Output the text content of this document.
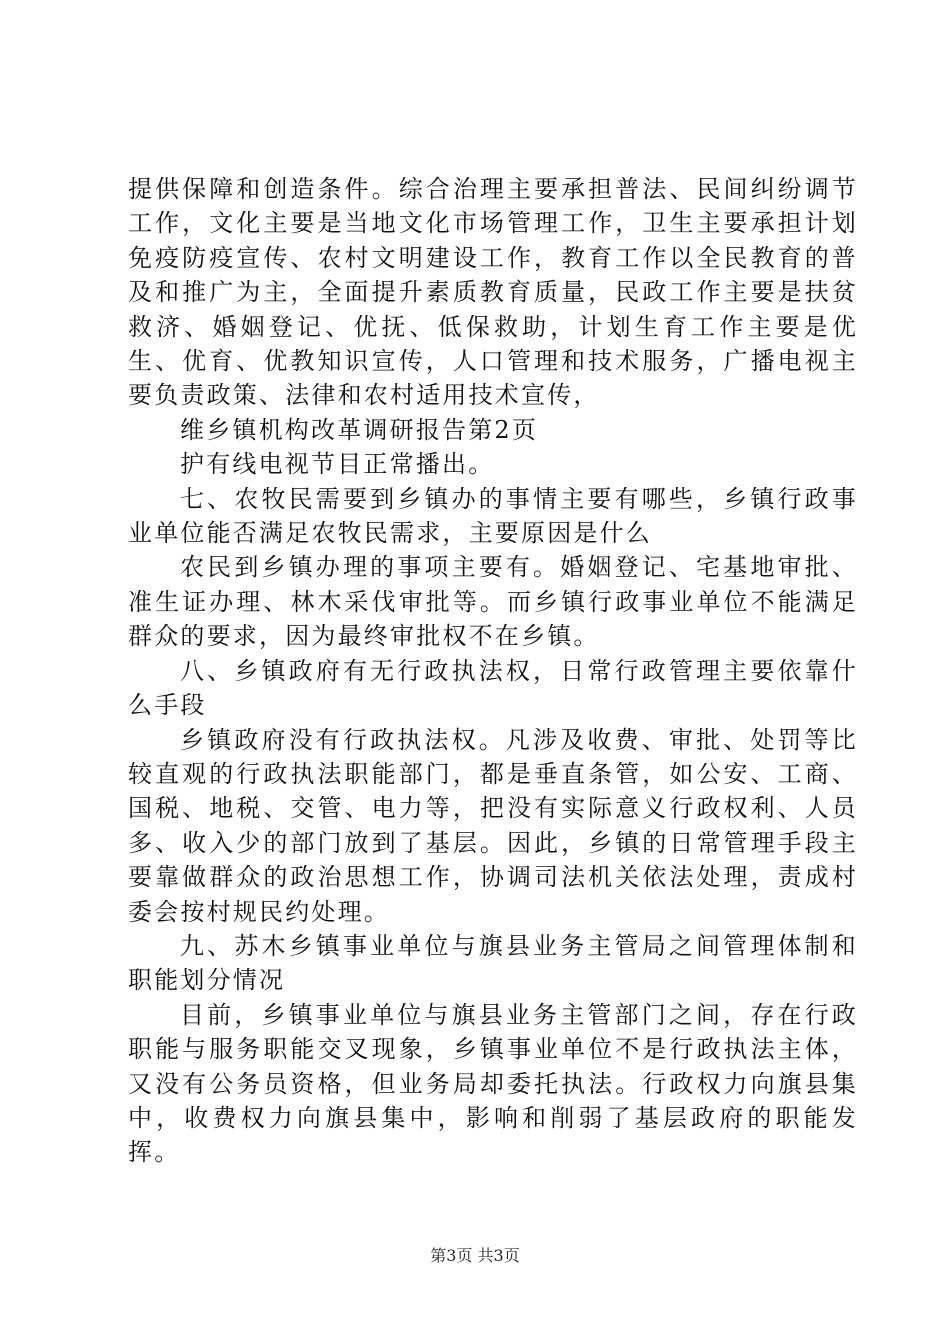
提供保障和创造条件。综合治理主要承担普法、民间纠纷调节工作，文化主要是当地文化市场管理工作，卫生主要承担计划免疫防疫宣传、农村文明建设工作，教育工作以全民教育的普及和推广为主，全面提升素质教育质量，民政工作主要是扶贫救济、婚姻登记、优抚、低保救助，计划生育工作主要是优生、优育、优教知识宣传，人口管理和技术服务，广播电视主要负责政策、法律和农村适用技术宣传，

维乡镇机构改革调研报告第2页

护有线电视节目正常播出。

七、农牧民需要到乡镇办的事情主要有哪些，乡镇行政事业单位能否满足农牧民需求，主要原因是什么

农民到乡镇办理的事项主要有。婚姻登记、宅基地审批、准生证办理、林木采伐审批等。而乡镇行政事业单位不能满足群众的要求，因为最终审批权不在乡镇。

八、乡镇政府有无行政执法权，日常行政管理主要依靠什么手段

乡镇政府没有行政执法权。凡涉及收费、审批、处罚等比较直观的行政执法职能部门，都是垂直条管，如公安、工商、国税、地税、交管、电力等，把没有实际意义行政权利、人员多、收入少的部门放到了基层。因此，乡镇的日常管理手段主要靠做群众的政治思想工作，协调司法机关依法处理，责成村委会按村规民约处理。

九、苏木乡镇事业单位与旗县业务主管局之间管理体制和职能划分情况

目前，乡镇事业单位与旗县业务主管部门之间，存在行政职能与服务职能交叉现象，乡镇事业单位不是行政执法主体，又没有公务员资格，但业务局却委托执法。行政权力向旗县集中，收费权力向旗县集中，影响和削弱了基层政府的职能发挥。

第3页 共3页
